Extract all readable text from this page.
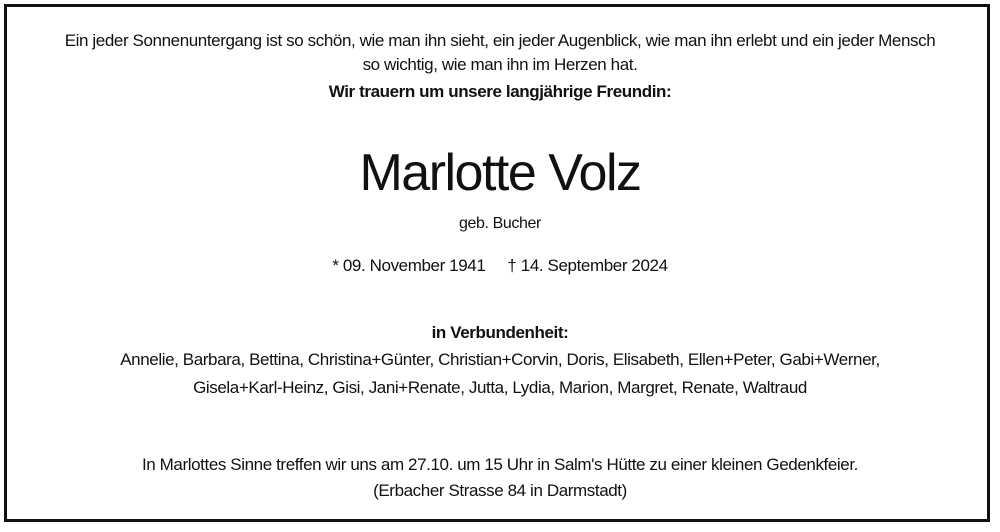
Ein jeder Sonnenuntergang ist so schön, wie man ihn sieht, ein jeder Augenblick, wie man ihn erlebt und ein jeder Mensch
so wichtig, wie man ihn im Herzen hat.
Wir trauern um unsere langjährige Freundin:
Marlotte Volz
geb. Bucher
* 09. November 1941 † 14. September 2024
in Verbundenheit:
Annelie, Barbara, Bettina, Christina+Günter, Christian+Corvin, Doris, Elisabeth, Ellen+Peter, Gabi+Werner,
Gisela+Karl-Heinz, Gisi, Jani+Renate, Jutta, Lydia, Marion, Margret, Renate, Waltraud
In Marlottes Sinne treffen wir uns am 27.10. um 15 Uhr in Salm's Hütte zu einer kleinen Gedenkfeier.
(Erbacher Strasse 84 in Darmstadt)
